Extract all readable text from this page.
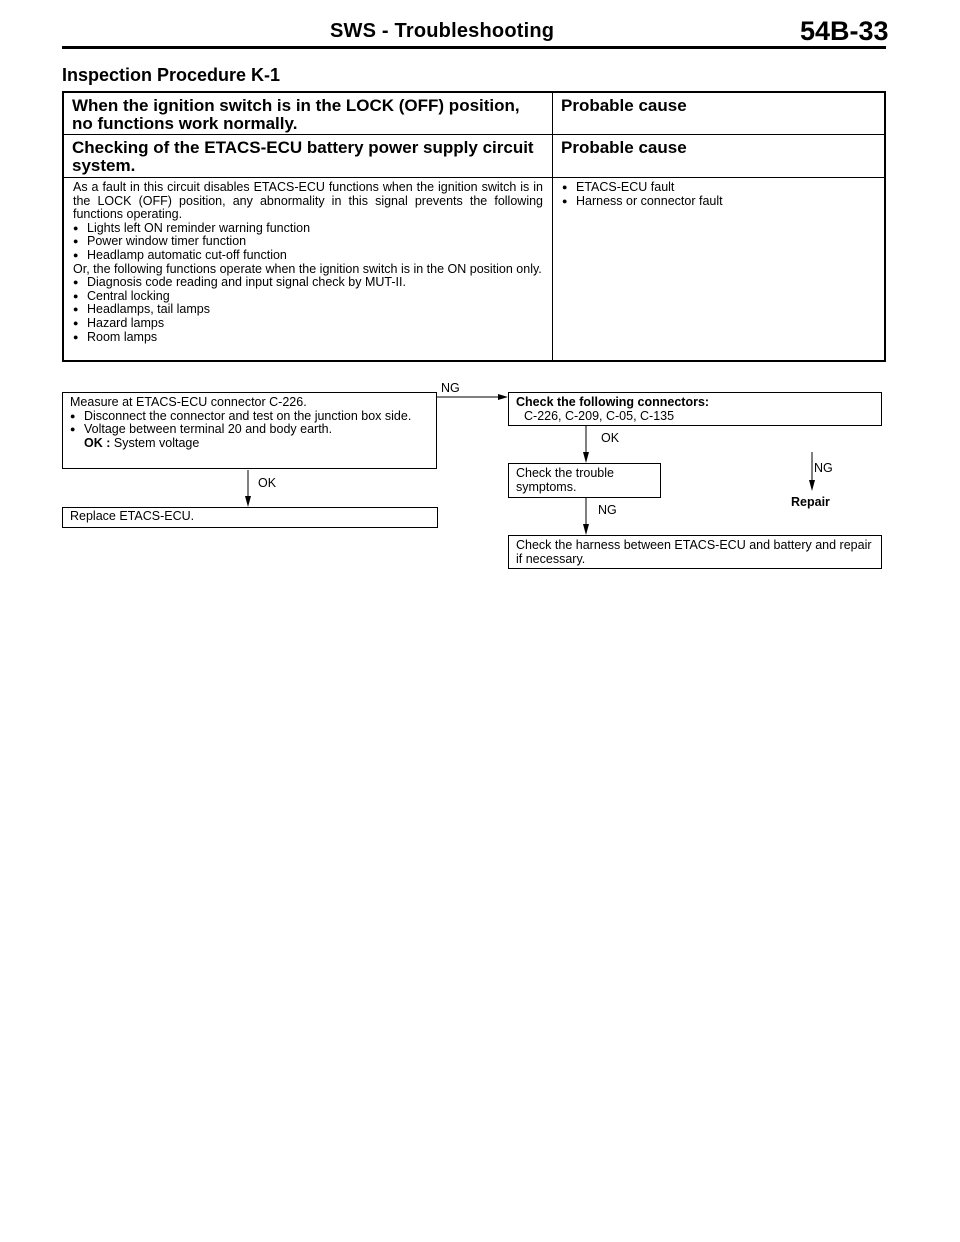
SWS - Troubleshooting	54B-33
Inspection Procedure K-1
When the ignition switch is in the LOCK (OFF) position, no functions work normally.
Probable cause
Checking of the ETACS-ECU battery power supply circuit system.
Probable cause
As a fault in this circuit disables ETACS-ECU functions when the ignition switch is in the LOCK (OFF) position, any abnormality in this signal prevents the following functions operating.
● Lights left ON reminder warning function
● Power window timer function
● Headlamp automatic cut-off function
Or, the following functions operate when the ignition switch is in the ON position only.
● Diagnosis code reading and input signal check by MUT-II.
● Central locking
● Headlamps, tail lamps
● Hazard lamps
● Room lamps
● ETACS-ECU fault
● Harness or connector fault
Measure at ETACS-ECU connector C-226.
● Disconnect the connector and test on the junction box side.
● Voltage between terminal 20 and body earth.
OK : System voltage
Check the following connectors:
C-226, C-209, C-05, C-135
Check the trouble symptoms.
Replace ETACS-ECU.
Check the harness between ETACS-ECU and battery and repair if necessary.
NG
OK
OK
NG
Repair
NG
